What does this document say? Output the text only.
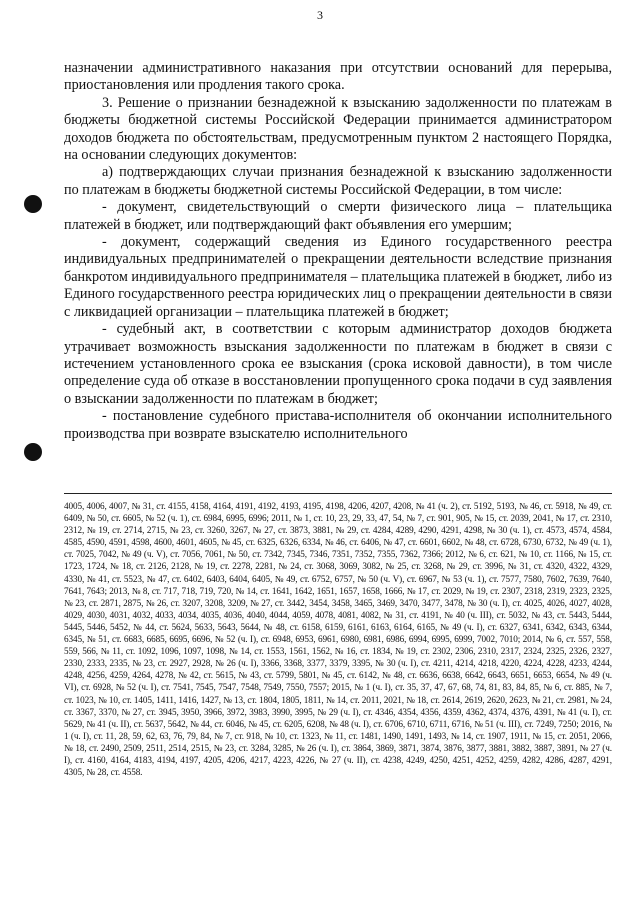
3

назначении административного наказания при отсутствии оснований для перерыва, приостановления или продления такого срока.

3. Решение о признании безнадежной к взысканию задолженности по платежам в бюджеты бюджетной системы Российской Федерации принимается администратором доходов бюджета по обстоятельствам, предусмотренным пунктом 2 настоящего Порядка, на основании следующих документов:

а) подтверждающих случаи признания безнадежной к взысканию задолженности по платежам в бюджеты бюджетной системы Российской Федерации, в том числе:

- документ, свидетельствующий о смерти физического лица – плательщика платежей в бюджет, или подтверждающий факт объявления его умершим;

- документ, содержащий сведения из Единого государственного реестра индивидуальных предпринимателей о прекращении деятельности вследствие признания банкротом индивидуального предпринимателя – плательщика платежей в бюджет, либо из Единого государственного реестра юридических лиц о прекращении деятельности в связи с ликвидацией организации – плательщика платежей в бюджет;

- судебный акт, в соответствии с которым администратор доходов бюджета утрачивает возможность взыскания задолженности по платежам в бюджет в связи с истечением установленного срока ее взыскания (срока исковой давности), в том числе определение суда об отказе в восстановлении пропущенного срока подачи в суд заявления о взыскании задолженности по платежам в бюджет;

- постановление судебного пристава-исполнителя об окончании исполнительного производства при возврате взыскателю исполнительного

4005, 4006, 4007, № 31, ст. 4155, 4158, 4164, 4191, 4192, 4193, 4195, 4198, 4206, 4207, 4208, № 41 (ч. 2), ст. 5192, 5193, № 46, ст. 5918, № 49, ст. 6409, № 50, ст. 6605, № 52 (ч. 1), ст. 6984, 6995, 6996; 2011, № 1, ст. 10, 23, 29, 33, 47, 54, № 7, ст. 901, 905, № 15, ст. 2039, 2041, № 17, ст. 2310, 2312, № 19, ст. 2714, 2715, № 23, ст. 3260, 3267, № 27, ст. 3873, 3881, № 29, ст. 4284, 4289, 4290, 4291, 4298, № 30 (ч. 1), ст. 4573, 4574, 4584, 4585, 4590, 4591, 4598, 4600, 4601, 4605, № 45, ст. 6325, 6326, 6334, № 46, ст. 6406, № 47, ст. 6601, 6602, № 48, ст. 6728, 6730, 6732, № 49 (ч. 1), ст. 7025, 7042, № 49 (ч. V), ст. 7056, 7061, № 50, ст. 7342, 7345, 7346, 7351, 7352, 7355, 7362, 7366; 2012, № 6, ст. 621, № 10, ст. 1166, № 15, ст. 1723, 1724, № 18, ст. 2126, 2128, № 19, ст. 2278, 2281, № 24, ст. 3068, 3069, 3082, № 25, ст. 3268, № 29, ст. 3996, № 31, ст. 4320, 4322, 4329, 4330, № 41, ст. 5523, № 47, ст. 6402, 6403, 6404, 6405, № 49, ст. 6752, 6757, № 50 (ч. V), ст. 6967, № 53 (ч. 1), ст. 7577, 7580, 7602, 7639, 7640, 7641, 7643; 2013, № 8, ст. 717, 718, 719, 720, № 14, ст. 1641, 1642, 1651, 1657, 1658, 1666, № 17, ст. 2029, № 19, ст. 2307, 2318, 2319, 2323, 2325, № 23, ст. 2871, 2875, № 26, ст. 3207, 3208, 3209, № 27, ст. 3442, 3454, 3458, 3465, 3469, 3470, 3477, 3478, № 30 (ч. I), ст. 4025, 4026, 4027, 4028, 4029, 4030, 4031, 4032, 4033, 4034, 4035, 4036, 4040, 4044, 4059, 4078, 4081, 4082, № 31, ст. 4191, № 40 (ч. III), ст. 5032, № 43, ст. 5443, 5444, 5445, 5446, 5452, № 44, ст. 5624, 5633, 5643, 5644, № 48, ст. 6158, 6159, 6161, 6163, 6164, 6165, № 49 (ч. I), ст. 6327, 6341, 6342, 6343, 6344, 6345, № 51, ст. 6683, 6685, 6695, 6696, № 52 (ч. I), ст. 6948, 6953, 6961, 6980, 6981, 6986, 6994, 6995, 6999, 7002, 7010; 2014, № 6, ст. 557, 558, 559, 566, № 11, ст. 1092, 1096, 1097, 1098, № 14, ст. 1553, 1561, 1562, № 16, ст. 1834, № 19, ст. 2302, 2306, 2310, 2317, 2324, 2325, 2326, 2327, 2330, 2333, 2335, № 23, ст. 2927, 2928, № 26 (ч. I), 3366, 3368, 3377, 3379, 3395, № 30 (ч. I), ст. 4211, 4214, 4218, 4220, 4224, 4228, 4233, 4244, 4248, 4256, 4259, 4264, 4278, № 42, ст. 5615, № 43, ст. 5799, 5801, № 45, ст. 6142, № 48, ст. 6636, 6638, 6642, 6643, 6651, 6653, 6654, № 49 (ч. VI), ст. 6928, № 52 (ч. I), ст. 7541, 7545, 7547, 7548, 7549, 7550, 7557; 2015, № 1 (ч. I), ст. 35, 37, 47, 67, 68, 74, 81, 83, 84, 85, № 6, ст. 885, № 7, ст. 1023, № 10, ст. 1405, 1411, 1416, 1427, № 13, ст. 1804, 1805, 1811, № 14, ст. 2011, 2021, № 18, ст. 2614, 2619, 2620, 2623, № 21, ст. 2981, № 24, ст. 3367, 3370, № 27, ст. 3945, 3950, 3966, 3972, 3983, 3990, 3995, № 29 (ч. I), ст. 4346, 4354, 4356, 4359, 4362, 4374, 4376, 4391, № 41 (ч. I), ст. 5629, № 41 (ч. II), ст. 5637, 5642, № 44, ст. 6046, № 45, ст. 6205, 6208, № 48 (ч. I), ст. 6706, 6710, 6711, 6716, № 51 (ч. III), ст. 7249, 7250; 2016, № 1 (ч. I), ст. 11, 28, 59, 62, 63, 76, 79, 84, № 7, ст. 918, № 10, ст. 1323, № 11, ст. 1481, 1490, 1491, 1493, № 14, ст. 1907, 1911, № 15, ст. 2051, 2066, № 18, ст. 2490, 2509, 2511, 2514, 2515, № 23, ст. 3284, 3285, № 26 (ч. I), ст. 3864, 3869, 3871, 3874, 3876, 3877, 3881, 3882, 3887, 3891, № 27 (ч. I), ст. 4160, 4164, 4183, 4194, 4197, 4205, 4206, 4217, 4223, 4226, № 27 (ч. II), ст. 4238, 4249, 4250, 4251, 4252, 4259, 4282, 4286, 4287, 4291, 4305, № 28, ст. 4558.
